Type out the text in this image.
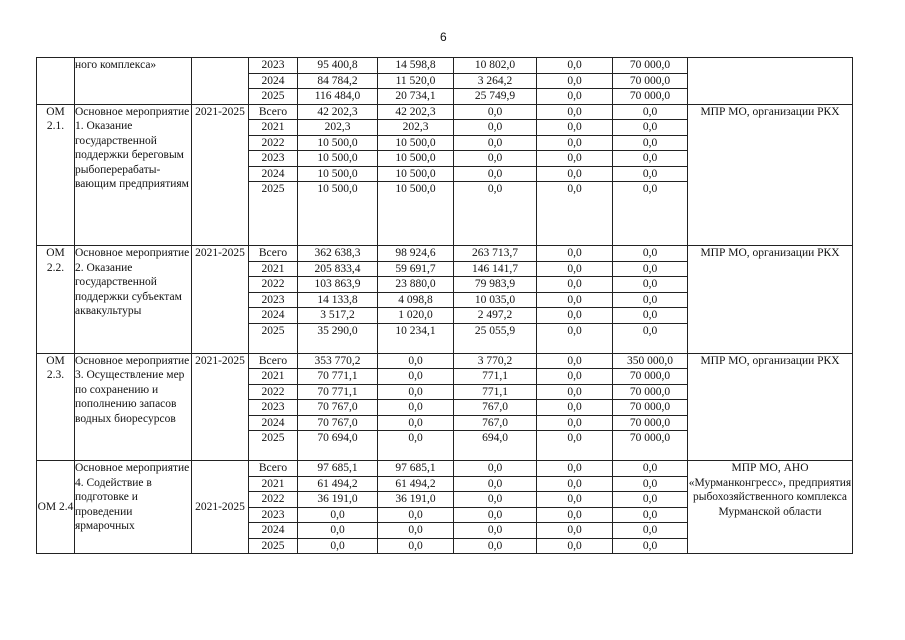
6
	ного комплекса»		2023	95 400,8	14 598,8	10 802,0	0,0	70 000,0	
			2024	84 784,2	11 520,0	3 264,2	0,0	70 000,0	
			2025	116 484,0	20 734,1	25 749,9	0,0	70 000,0	
ОМ 2.1.	Основное мероприятие 1. Оказание государственной поддержки береговым рыбоперерабаты-вающим предприятиям	2021-2025	Всего	42 202,3	42 202,3	0,0	0,0	0,0	МПР МО, организации РКХ
			2021	202,3	202,3	0,0	0,0	0,0	
			2022	10 500,0	10 500,0	0,0	0,0	0,0	
			2023	10 500,0	10 500,0	0,0	0,0	0,0	
			2024	10 500,0	10 500,0	0,0	0,0	0,0	
			2025	10 500,0	10 500,0	0,0	0,0	0,0	
ОМ 2.2.	Основное мероприятие 2. Оказание государственной поддержки субъектам аквакультуры	2021-2025	Всего	362 638,3	98 924,6	263 713,7	0,0	0,0	МПР МО, организации РКХ
			2021	205 833,4	59 691,7	146 141,7	0,0	0,0	
			2022	103 863,9	23 880,0	79 983,9	0,0	0,0	
			2023	14 133,8	4 098,8	10 035,0	0,0	0,0	
			2024	3 517,2	1 020,0	2 497,2	0,0	0,0	
			2025	35 290,0	10 234,1	25 055,9	0,0	0,0	
ОМ 2.3.	Основное мероприятие 3. Осуществление мер по сохранению и пополнению запасов водных биоресурсов	2021-2025	Всего	353 770,2	0,0	3 770,2	0,0	350 000,0	МПР МО, организации РКХ
			2021	70 771,1	0,0	771,1	0,0	70 000,0	
			2022	70 771,1	0,0	771,1	0,0	70 000,0	
			2023	70 767,0	0,0	767,0	0,0	70 000,0	
			2024	70 767,0	0,0	767,0	0,0	70 000,0	
			2025	70 694,0	0,0	694,0	0,0	70 000,0	
ОМ 2.4	Основное мероприятие 4. Содействие в подготовке и проведении ярмарочных	2021-2025	Всего	97 685,1	97 685,1	0,0	0,0	0,0	МПР МО, АНО «Мурманконгресс», предприятия рыбохозяйственного комплекса Мурманской области
			2021	61 494,2	61 494,2	0,0	0,0	0,0	
			2022	36 191,0	36 191,0	0,0	0,0	0,0	
			2023	0,0	0,0	0,0	0,0	0,0	
			2024	0,0	0,0	0,0	0,0	0,0	
			2025	0,0	0,0	0,0	0,0	0,0	
